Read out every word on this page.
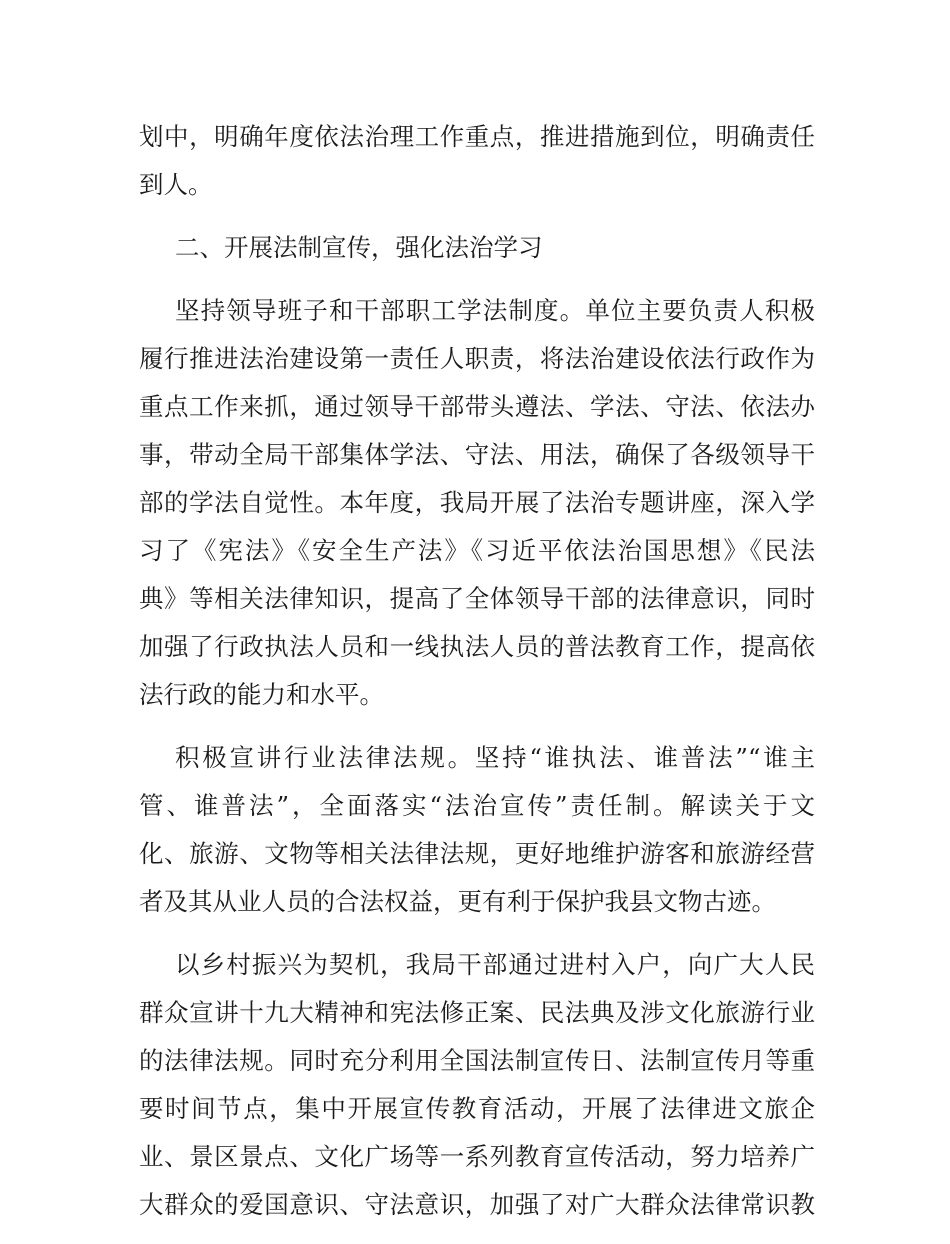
划中，明确年度依法治理工作重点，推进措施到位，明确责任
到人。
二、开展法制宣传，强化法治学习
坚持领导班子和干部职工学法制度。单位主要负责人积极
履行推进法治建设第一责任人职责，将法治建设依法行政作为
重点工作来抓，通过领导干部带头遵法、学法、守法、依法办
事，带动全局干部集体学法、守法、用法，确保了各级领导干
部的学法自觉性。本年度，我局开展了法治专题讲座，深入学
习了《宪法》《安全生产法》《习近平依法治国思想》《民法
典》等相关法律知识，提高了全体领导干部的法律意识，同时
加强了行政执法人员和一线执法人员的普法教育工作，提高依
法行政的能力和水平。
积极宣讲行业法律法规。坚持“谁执法、谁普法”“谁主
管、谁普法”，全面落实“法治宣传”责任制。解读关于文
化、旅游、文物等相关法律法规，更好地维护游客和旅游经营
者及其从业人员的合法权益，更有利于保护我县文物古迹。
以乡村振兴为契机，我局干部通过进村入户，向广大人民
群众宣讲十九大精神和宪法修正案、民法典及涉文化旅游行业
的法律法规。同时充分利用全国法制宣传日、法制宣传月等重
要时间节点，集中开展宣传教育活动，开展了法律进文旅企
业、景区景点、文化广场等一系列教育宣传活动，努力培养广
大群众的爱国意识、守法意识，加强了对广大群众法律常识教
